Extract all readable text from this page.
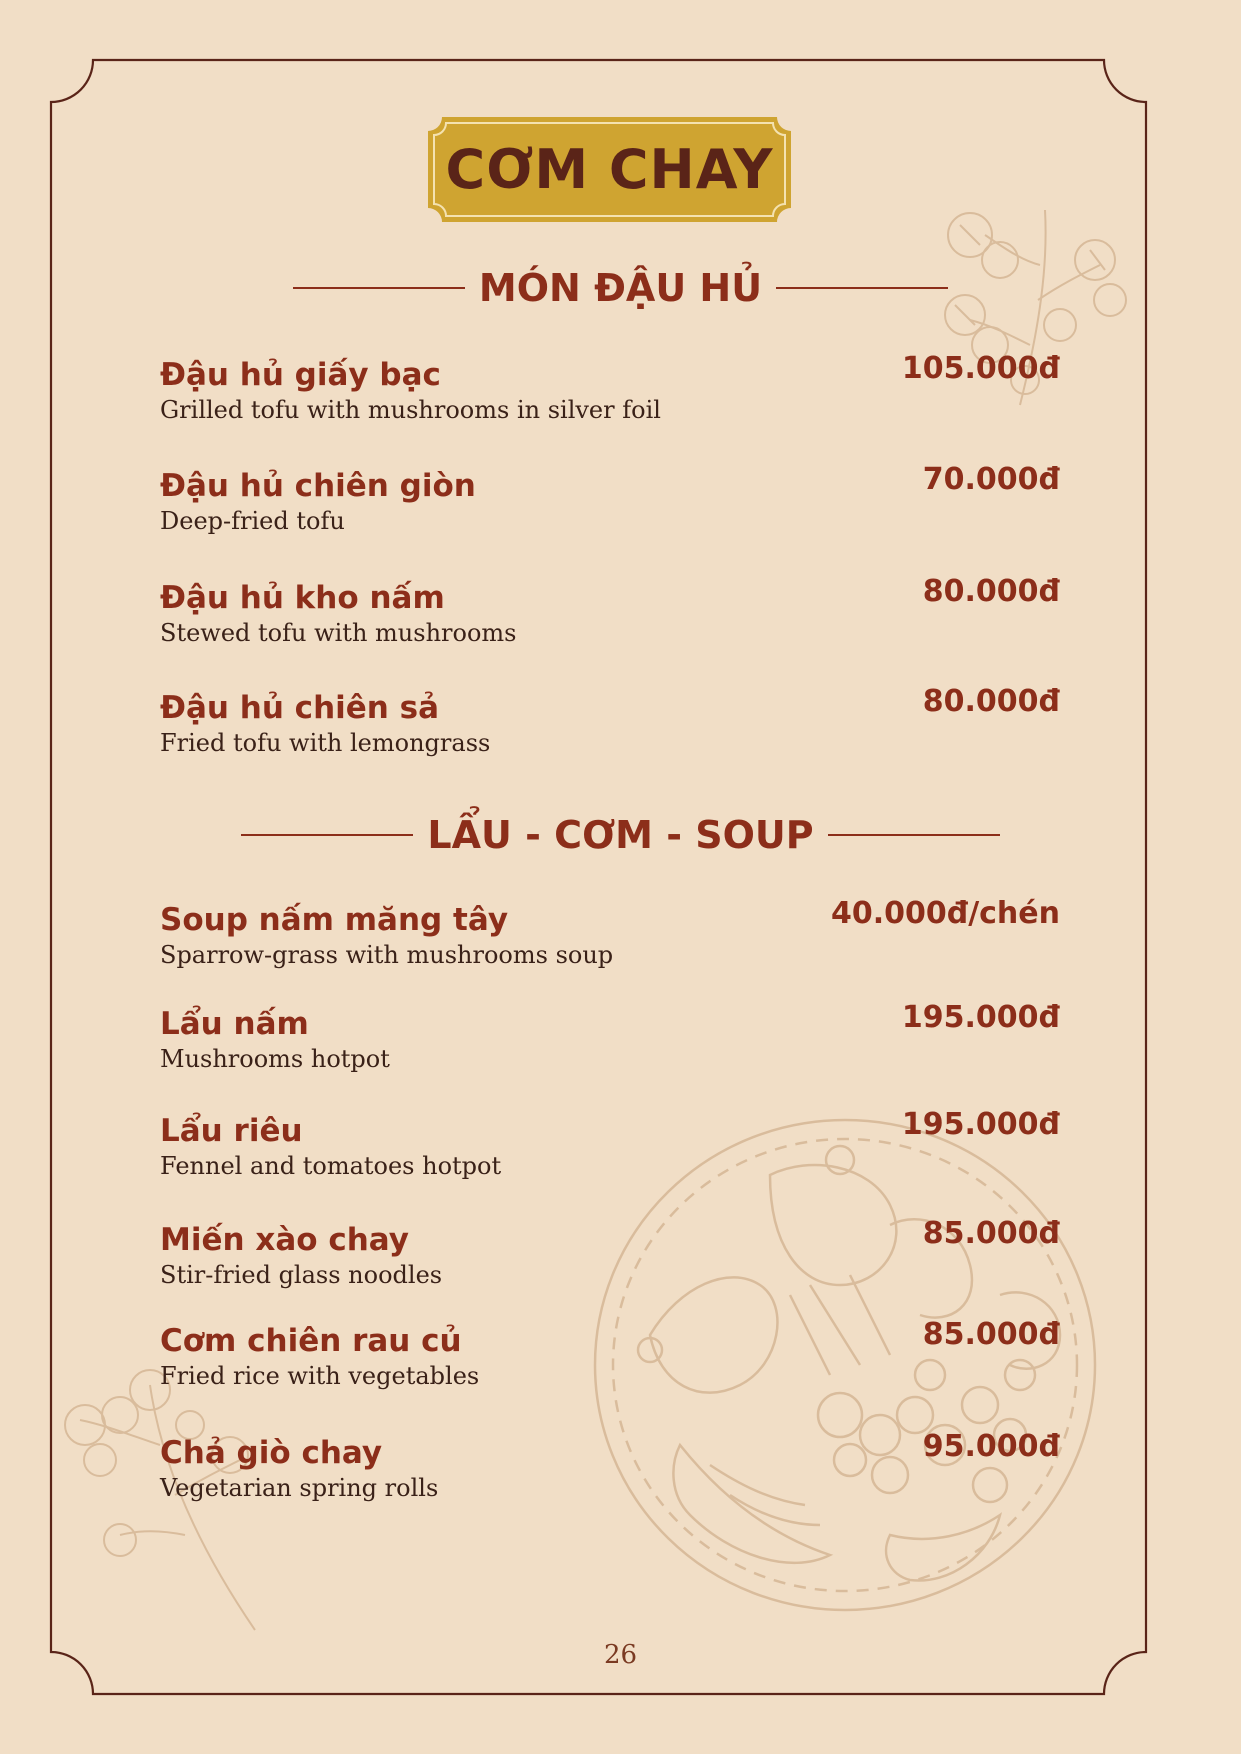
CƠM CHAY
MÓN ĐẬU HỦ
Đậu hủ giấy bạc
Grilled tofu with mushrooms in silver foil
105.000đ
Đậu hủ chiên giòn
Deep-fried tofu
70.000đ
Đậu hủ kho nấm
Stewed tofu with mushrooms
80.000đ
Đậu hủ chiên sả
Fried tofu with lemongrass
80.000đ
LẨU - CƠM - SOUP
Soup nấm măng tây
Sparrow-grass with mushrooms soup
40.000đ/chén
Lẩu nấm
Mushrooms hotpot
195.000đ
Lẩu riêu
Fennel and tomatoes hotpot
195.000đ
Miến xào chay
Stir-fried glass noodles
85.000đ
Cơm chiên rau củ
Fried rice with vegetables
85.000đ
Chả giò chay
Vegetarian spring rolls
95.000đ
26
